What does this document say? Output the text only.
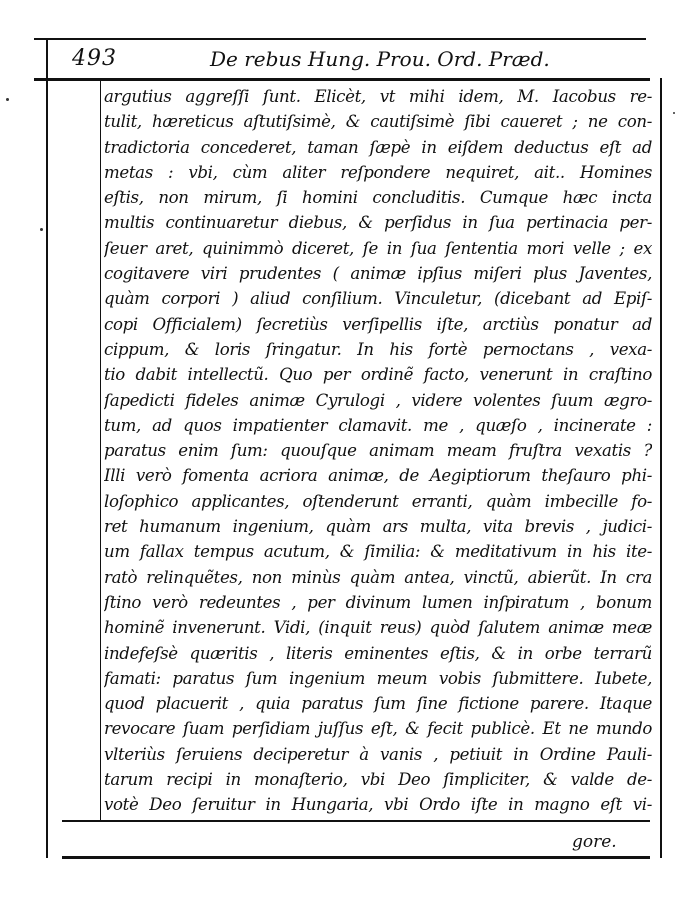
493	De rebus Hung. Prou. Ord. Præd.
argutius aggreſſi ſunt. Elicèt, vt mihi idem, M. Iacobus re-
tulit, hæreticus aſtutiſsimè, & cautiſsimè ſibi caueret ; ne con-
tradictoria concederet, taman ſæpè in eiſdem deductus eſt ad
metas : vbi, cùm aliter reſpondere nequiret, ait.. Homines
eſtis, non mirum, ſi homini concluditis. Cumque hæc incta
multis continuaretur diebus, & perſidus in ſua pertinacia per-
ſeuer aret, quinimmò diceret, ſe in ſua ſententia mori velle ; ex
cogitavere viri prudentes ( animæ ipſius miſeri plus Javentes,
quàm corpori ) aliud conſilium. Vinculetur, (dicebant ad Epiſ-
copi Officialem) ſecretiùs verſipellis iſte, arctiùs ponatur ad
cippum, & loris ſringatur. In his fortè pernoctans , vexa-
tio dabit intellectũ. Quo per ordinẽ facto, venerunt in craſtino
ſapedicti fideles animæ Cyrulogi , videre volentes ſuum ægro-
tum, ad quos impatienter clamavit. me , quæſo , incinerate :
paratus enim ſum: quouſque animam meam fruſtra vexatis ?
Illi verò fomenta acriora animæ, de Aegiptiorum theſauro phi-
loſophico applicantes, oſtenderunt erranti, quàm imbecille fo-
ret humanum ingenium, quàm ars multa, vita brevis , judici-
um fallax tempus acutum, & ſimilia: & meditativum in his ite-
ratò relinquẽtes, non minùs quàm antea, vinctũ, abierũt. In cra
ſtino verò redeuntes , per divinum lumen inſpiratum , bonum
hominẽ invenerunt. Vidi, (inquit reus) quòd ſalutem animæ meæ
indefeſsè quæritis , literis eminentes eſtis, & in orbe terrarũ
famati: paratus ſum ingenium meum vobis ſubmittere. Iubete,
quod placuerit , quia paratus ſum ſine fictione parere. Itaque
revocare ſuam perſidiam juſſus eſt, & fecit publicè. Et ne mundo
vlteriùs ſeruiens deciperetur à vanis , petiuit in Ordine Pauli-
tarum recipi in monaſterio, vbi Deo ſimpliciter, & valde de-
votè Deo ſeruitur in Hungaria, vbi Ordo iſte in magno eſt vi-
gore.
